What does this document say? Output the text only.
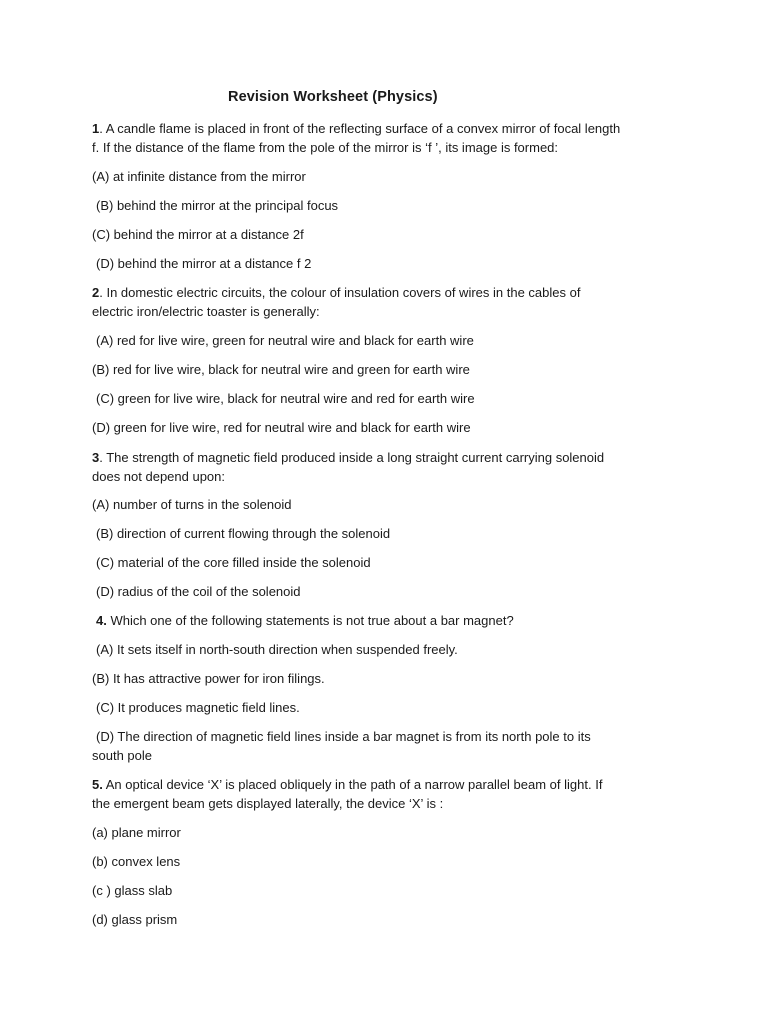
Revision Worksheet (Physics)
1. A candle flame is placed in front of the reflecting surface of a convex mirror of focal length
f. If the distance of the flame from the pole of the mirror is ‘f ’, its image is formed:
(A) at infinite distance from the mirror
(B) behind the mirror at the principal focus
(C) behind the mirror at a distance 2f
(D) behind the mirror at a distance f 2
2. In domestic electric circuits, the colour of insulation covers of wires in the cables of
electric iron/electric toaster is generally:
(A) red for live wire, green for neutral wire and black for earth wire
(B) red for live wire, black for neutral wire and green for earth wire
(C) green for live wire, black for neutral wire and red for earth wire
(D) green for live wire, red for neutral wire and black for earth wire
3. The strength of magnetic field produced inside a long straight current carrying solenoid
does not depend upon:
(A) number of turns in the solenoid
(B) direction of current flowing through the solenoid
(C) material of the core filled inside the solenoid
(D) radius of the coil of the solenoid
4. Which one of the following statements is not true about a bar magnet?
(A) It sets itself in north-south direction when suspended freely.
(B) It has attractive power for iron filings.
(C) It produces magnetic field lines.
(D) The direction of magnetic field lines inside a bar magnet is from its north pole to its
south pole
5. An optical device ‘X’ is placed obliquely in the path of a narrow parallel beam of light. If
the emergent beam gets displayed laterally, the device ‘X’ is :
(a) plane mirror
(b) convex lens
(c ) glass slab
(d) glass prism
